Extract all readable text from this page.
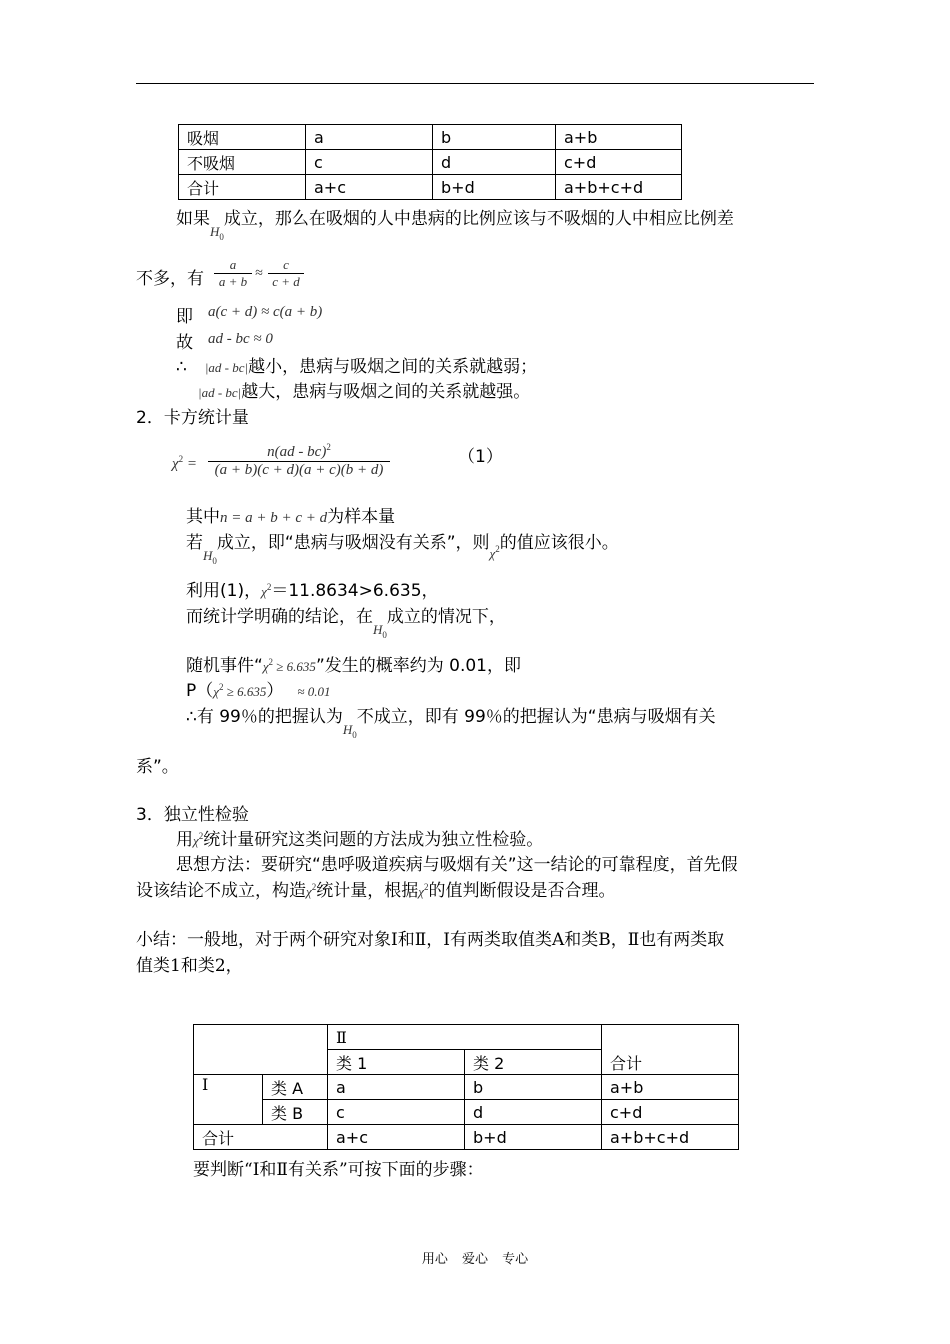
吸烟	a	b	a+b
不吸烟	c	d	c+d
合计	a+c	b+d	a+b+c+d
如果$_{H_0}$成立，那么在吸烟的人中患病的比例应该与不吸烟的人中相应比例差
不多，有 $\frac{a}{a + b} \approx \frac{c}{c + d}$
即 a(c + d) ≈ c(a + b)
故 ad - bc ≈ 0
∴ |ad - bc|越小，患病与吸烟之间的关系就越弱；
|ad - bc|越大，患病与吸烟之间的关系就越强。
2．卡方统计量
$\chi^2 = \frac{n(ad - bc)^2}{(a + b)(c + d)(a + c)(b + d)}$	（1）
其中n = a + b + c + d为样本量
若$_{H_0}$成立，即“患病与吸烟没有关系”，则$_{\chi^2}$的值应该很小。
利用(1)，$\chi^2=11.8634>6.635$，
而统计学明确的结论，在$_{H_0}$成立的情况下，
随机事件“$\chi^2 \ge 6.635$”发生的概率约为 0.01，即
$P(\chi^2 \ge 6.635) \approx 0.01$
∴有 99％的把握认为$_{H_0}$不成立，即有 99％的把握认为“患病与吸烟有关
系”。
3．独立性检验
用$\chi^2$统计量研究这类问题的方法成为独立性检验。
思想方法：要研究“患呼吸道疾病与吸烟有关”这一结论的可靠程度，首先假
设该结论不成立，构造$\chi^2$统计量，根据$\chi^2$的值判断假设是否合理。
小结：一般地，对于两个研究对象Ⅰ和Ⅱ，Ⅰ有两类取值类A和类B，Ⅱ也有两类取
值类1和类2，
		Ⅱ		合计
		类 1	类 2	
Ⅰ	类 A	a	b	a+b
	类 B	c	d	c+d
合计		a+c	b+d	a+b+c+d
要判断“Ⅰ和Ⅱ有关系”可按下面的步骤：
用心 爱心 专心
